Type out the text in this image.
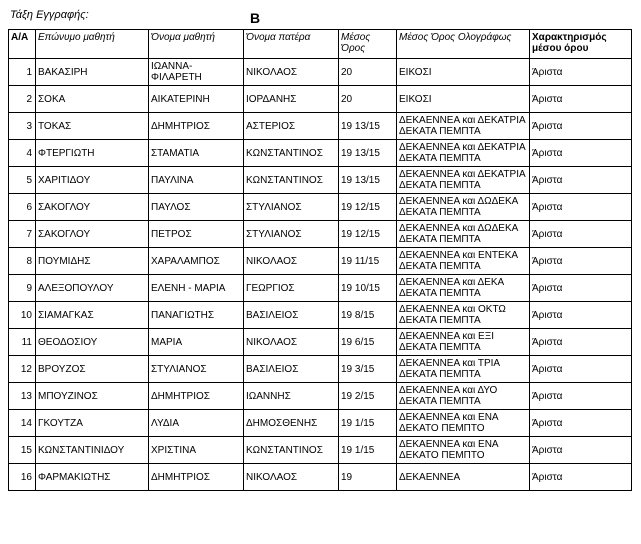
Τάξη Εγγραφής:	Β
Α/Α	Επώνυμο μαθητή	Όνομα μαθητή	Όνομα πατέρα	Μέσος Όρος	Μέσος Όρος Ολογράφως	Χαρακτηρισμός μέσου όρου
1	ΒΑΚΑΣΙΡΗ	ΙΩΑΝΝΑ-ΦΙΛΑΡΕΤΗ	ΝΙΚΟΛΑΟΣ	20	ΕΙΚΟΣΙ	Άριστα
2	ΣΟΚΑ	ΑΙΚΑΤΕΡΙΝΗ	ΙΟΡΔΑΝΗΣ	20	ΕΙΚΟΣΙ	Άριστα
3	ΤΟΚΑΣ	ΔΗΜΗΤΡΙΟΣ	ΑΣΤΕΡΙΟΣ	19 13/15	ΔΕΚΑΕΝΝΕΑ και ΔΕΚΑΤΡΙΑ ΔΕΚΑΤΑ ΠΕΜΠΤΑ	Άριστα
4	ΦΤΕΡΓΙΩΤΗ	ΣΤΑΜΑΤΙΑ	ΚΩΝΣΤΑΝΤΙΝΟΣ	19 13/15	ΔΕΚΑΕΝΝΕΑ και ΔΕΚΑΤΡΙΑ ΔΕΚΑΤΑ ΠΕΜΠΤΑ	Άριστα
5	ΧΑΡΙΤΙΔΟΥ	ΠΑΥΛΙΝΑ	ΚΩΝΣΤΑΝΤΙΝΟΣ	19 13/15	ΔΕΚΑΕΝΝΕΑ και ΔΕΚΑΤΡΙΑ ΔΕΚΑΤΑ ΠΕΜΠΤΑ	Άριστα
6	ΣΑΚΟΓΛΟΥ	ΠΑΥΛΟΣ	ΣΤΥΛΙΑΝΟΣ	19 12/15	ΔΕΚΑΕΝΝΕΑ και ΔΩΔΕΚΑ ΔΕΚΑΤΑ ΠΕΜΠΤΑ	Άριστα
7	ΣΑΚΟΓΛΟΥ	ΠΕΤΡΟΣ	ΣΤΥΛΙΑΝΟΣ	19 12/15	ΔΕΚΑΕΝΝΕΑ και ΔΩΔΕΚΑ ΔΕΚΑΤΑ ΠΕΜΠΤΑ	Άριστα
8	ΠΟΥΜΙΔΗΣ	ΧΑΡΑΛΑΜΠΟΣ	ΝΙΚΟΛΑΟΣ	19 11/15	ΔΕΚΑΕΝΝΕΑ και ΕΝΤΕΚΑ ΔΕΚΑΤΑ ΠΕΜΠΤΑ	Άριστα
9	ΑΛΕΞΟΠΟΥΛΟΥ	ΕΛΕΝΗ - ΜΑΡΙΑ	ΓΕΩΡΓΙΟΣ	19 10/15	ΔΕΚΑΕΝΝΕΑ και ΔΕΚΑ ΔΕΚΑΤΑ ΠΕΜΠΤΑ	Άριστα
10	ΣΙΑΜΑΓΚΑΣ	ΠΑΝΑΓΙΩΤΗΣ	ΒΑΣΙΛΕΙΟΣ	19 8/15	ΔΕΚΑΕΝΝΕΑ και ΟΚΤΩ ΔΕΚΑΤΑ ΠΕΜΠΤΑ	Άριστα
11	ΘΕΟΔΟΣΙΟΥ	ΜΑΡΙΑ	ΝΙΚΟΛΑΟΣ	19 6/15	ΔΕΚΑΕΝΝΕΑ και ΕΞΙ ΔΕΚΑΤΑ ΠΕΜΠΤΑ	Άριστα
12	ΒΡΟΥΖΟΣ	ΣΤΥΛΙΑΝΟΣ	ΒΑΣΙΛΕΙΟΣ	19 3/15	ΔΕΚΑΕΝΝΕΑ και ΤΡΙΑ ΔΕΚΑΤΑ ΠΕΜΠΤΑ	Άριστα
13	ΜΠΟΥΖΙΝΟΣ	ΔΗΜΗΤΡΙΟΣ	ΙΩΑΝΝΗΣ	19 2/15	ΔΕΚΑΕΝΝΕΑ και ΔΥΟ ΔΕΚΑΤΑ ΠΕΜΠΤΑ	Άριστα
14	ΓΚΟΥΤΖΑ	ΛΥΔΙΑ	ΔΗΜΟΣΘΕΝΗΣ	19 1/15	ΔΕΚΑΕΝΝΕΑ και ΕΝΑ ΔΕΚΑΤΟ ΠΕΜΠΤΟ	Άριστα
15	ΚΩΝΣΤΑΝΤΙΝΙΔΟΥ	ΧΡΙΣΤΙΝΑ	ΚΩΝΣΤΑΝΤΙΝΟΣ	19 1/15	ΔΕΚΑΕΝΝΕΑ και ΕΝΑ ΔΕΚΑΤΟ ΠΕΜΠΤΟ	Άριστα
16	ΦΑΡΜΑΚΙΩΤΗΣ	ΔΗΜΗΤΡΙΟΣ	ΝΙΚΟΛΑΟΣ	19	ΔΕΚΑΕΝΝΕΑ	Άριστα
